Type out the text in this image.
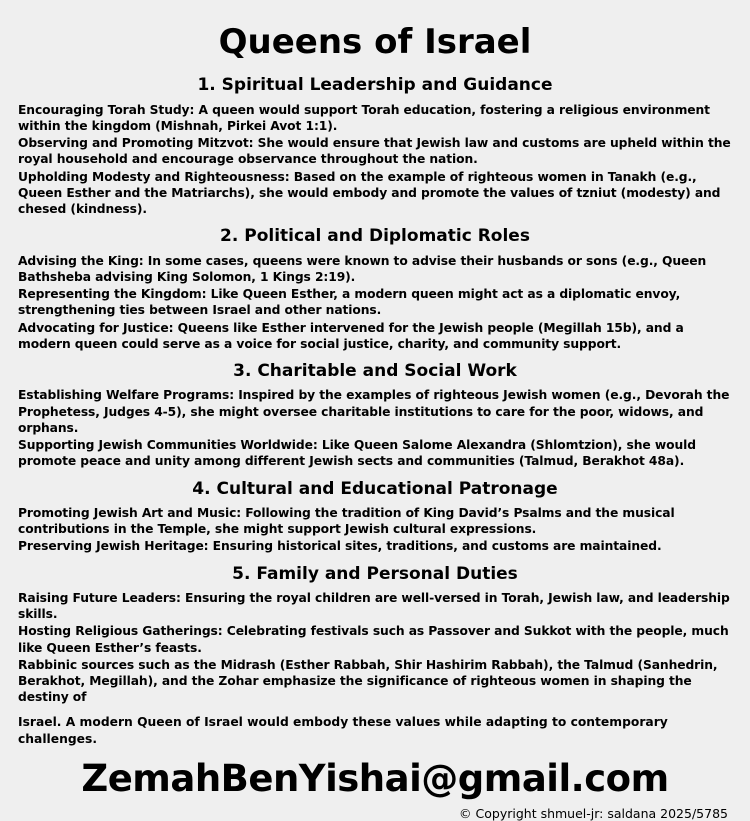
Queens of Israel
1. Spiritual Leadership and Guidance

Encouraging Torah Study: A queen would support Torah education, fostering a religious environment within the kingdom (Mishnah, Pirkei Avot 1:1).

Observing and Promoting Mitzvot: She would ensure that Jewish law and customs are upheld within the royal household and encourage observance throughout the nation.

Upholding Modesty and Righteousness: Based on the example of righteous women in Tanakh (e.g., Queen Esther and the Matriarchs), she would embody and promote the values of tzniut (modesty) and chesed (kindness).

2. Political and Diplomatic Roles

Advising the King: In some cases, queens were known to advise their husbands or sons (e.g., Queen Bathsheba advising King Solomon, 1 Kings 2:19).

Representing the Kingdom: Like Queen Esther, a modern queen might act as a diplomatic envoy, strengthening ties between Israel and other nations.

Advocating for Justice: Queens like Esther intervened for the Jewish people (Megillah 15b), and a modern queen could serve as a voice for social justice, charity, and community support.

3. Charitable and Social Work

Establishing Welfare Programs: Inspired by the examples of righteous Jewish women (e.g., Devorah the Prophetess, Judges 4-5), she might oversee charitable institutions to care for the poor, widows, and orphans.

Supporting Jewish Communities Worldwide: Like Queen Salome Alexandra (Shlomtzion), she would promote peace and unity among different Jewish sects and communities (Talmud, Berakhot 48a).

4. Cultural and Educational Patronage

Promoting Jewish Art and Music: Following the tradition of King David’s Psalms and the musical contributions in the Temple, she might support Jewish cultural expressions.

Preserving Jewish Heritage: Ensuring historical sites, traditions, and customs are maintained.

5. Family and Personal Duties

Raising Future Leaders: Ensuring the royal children are well-versed in Torah, Jewish law, and leadership skills.

Hosting Religious Gatherings: Celebrating festivals such as Passover and Sukkot with the people, much like Queen Esther’s feasts.

Rabbinic sources such as the Midrash (Esther Rabbah, Shir Hashirim Rabbah), the Talmud (Sanhedrin, Berakhot, Megillah), and the Zohar emphasize the significance of righteous women in shaping the destiny of

Israel. A modern Queen of Israel would embody these values while adapting to contemporary challenges.

ZemahBenYishai@gmail.com
© Copyright shmuel-jr: saldana 2025/5785
